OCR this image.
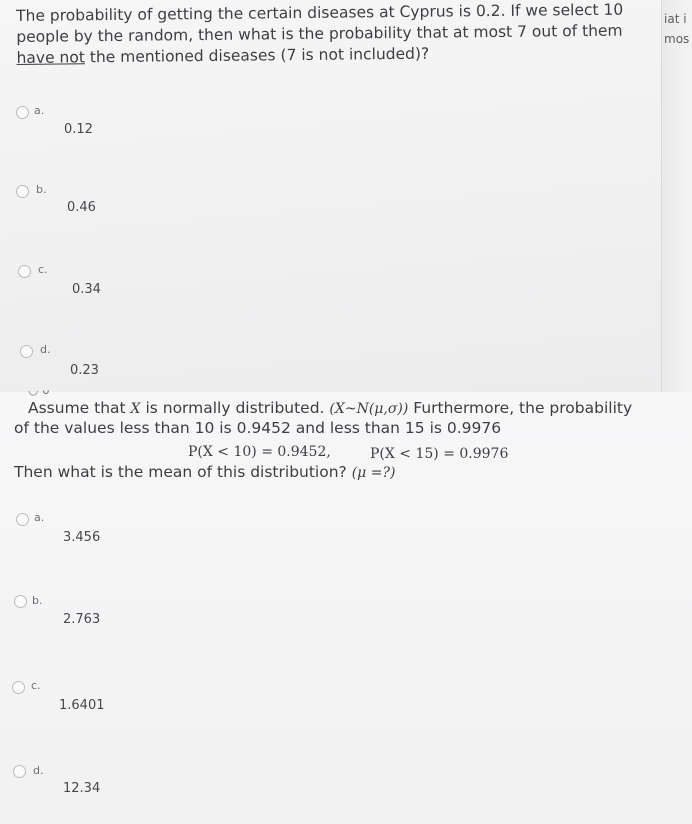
iat i
mos
The probability of getting the certain diseases at Cyprus is 0.2. If we select 10 people by the random, then what is the probability that at most 7 out of them have not the mentioned diseases (7 is not included)?
a.
0.12
b.
0.46
c.
0.34
d.
0.23
◡ ᴗ
Assume that X is normally distributed. (X~N(μ,σ)) Furthermore, the probability
of the values less than 10 is 0.9452 and less than 15 is 0.9976
P(X < 10) = 0.9452,	P(X < 15) = 0.9976
Then what is the mean of this distribution? (μ =?)
a.
3.456
b.
2.763
c.
1.6401
d.
12.34
